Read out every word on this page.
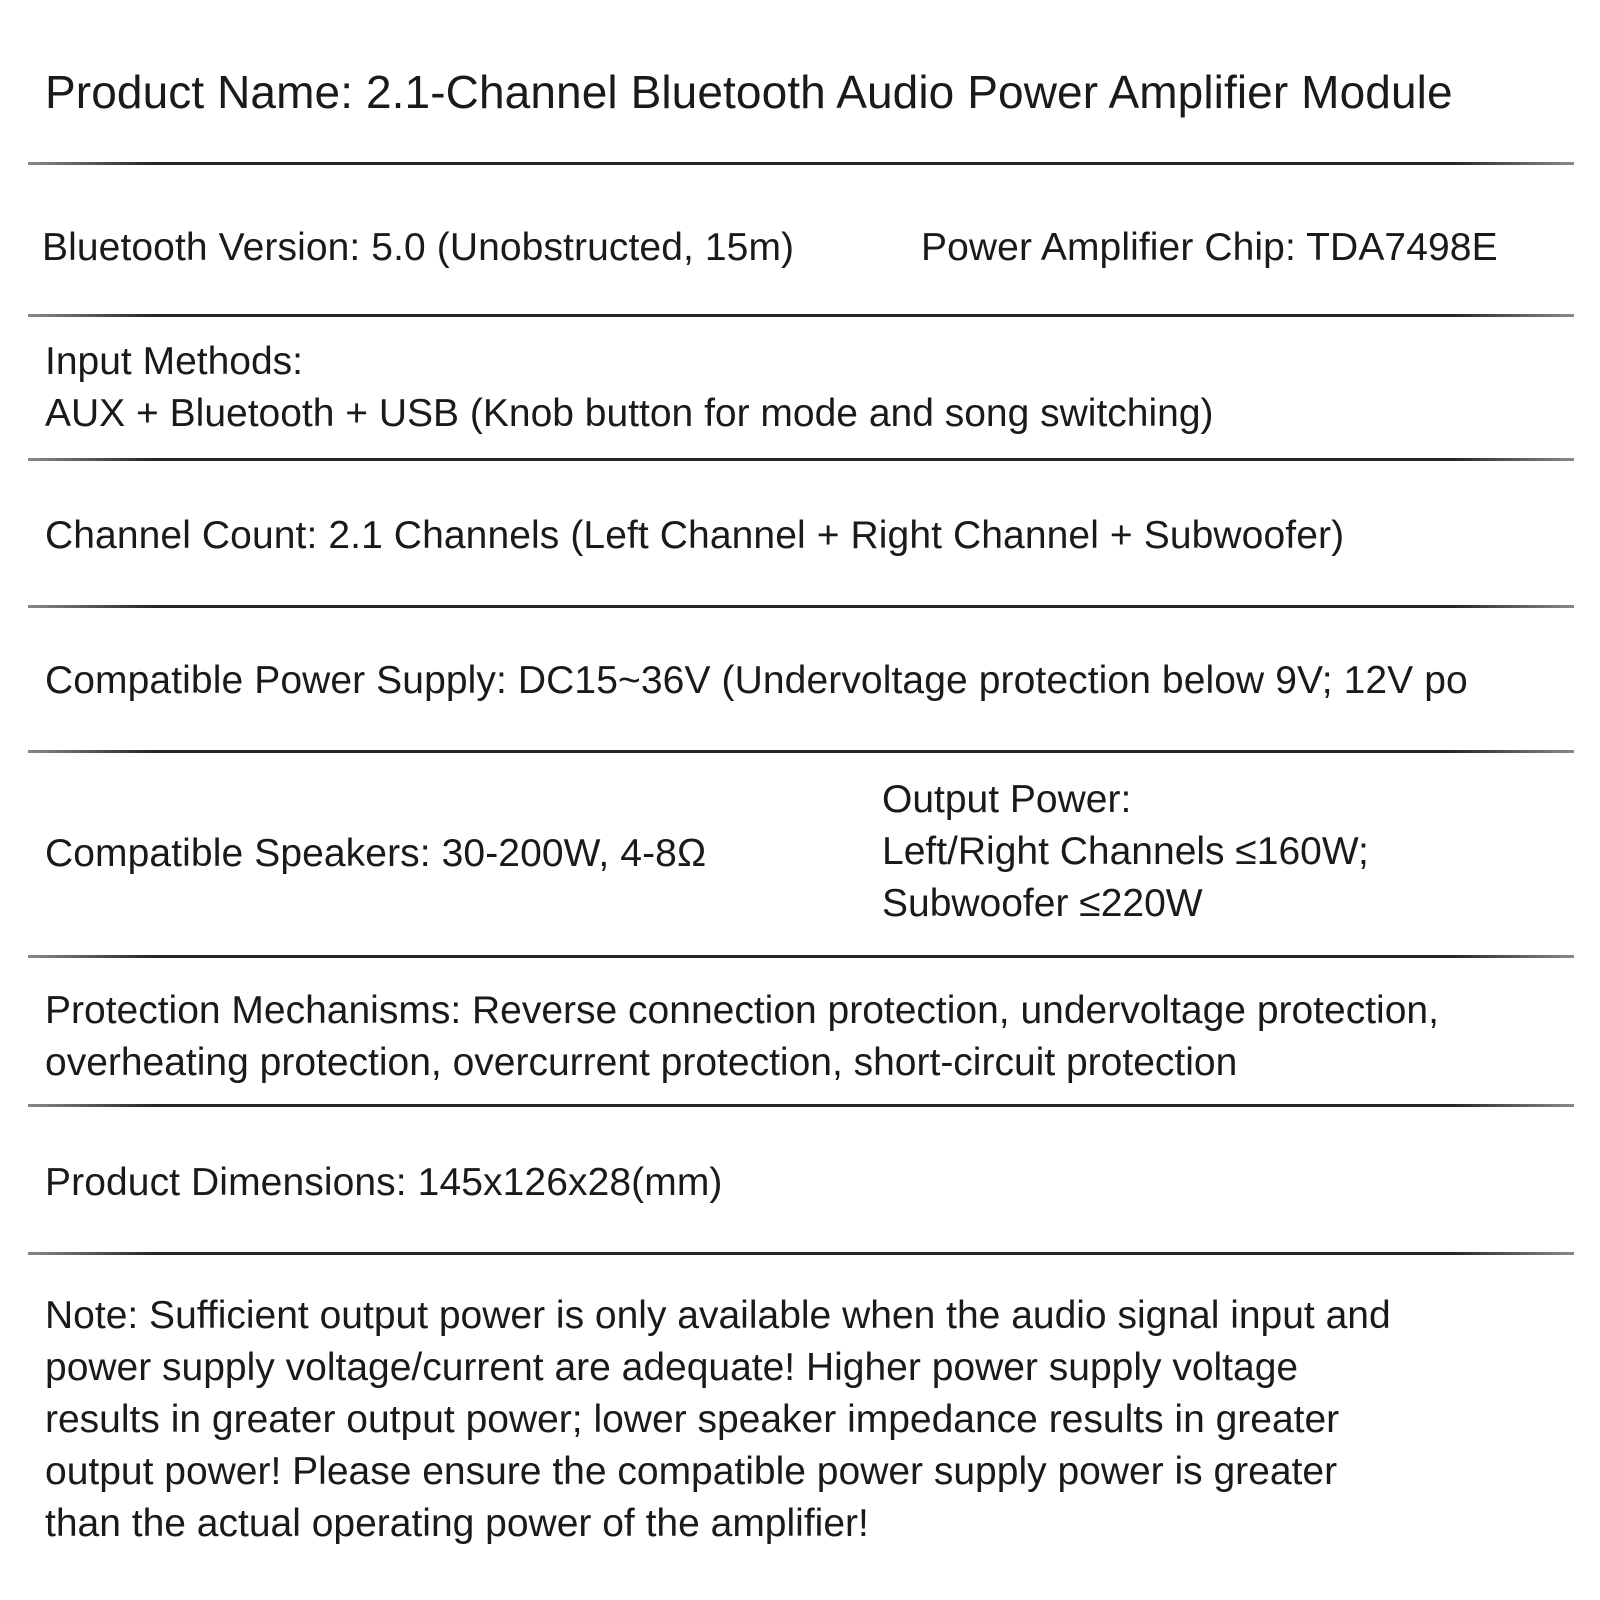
Product Name: 2.1-Channel Bluetooth Audio Power Amplifier Module
Bluetooth Version: 5.0 (Unobstructed, 15m)	Power Amplifier Chip: TDA7498E
Input Methods:
AUX + Bluetooth + USB (Knob button for mode and song switching)
Channel Count: 2.1 Channels (Left Channel + Right Channel + Subwoofer)
Compatible Power Supply: DC15~36V (Undervoltage protection below 9V; 12V po
Compatible Speakers: 30-200W, 4-8Ω
Output Power:
Left/Right Channels ≤160W;
Subwoofer ≤220W
Protection Mechanisms: Reverse connection protection, undervoltage protection,
overheating protection, overcurrent protection, short-circuit protection
Product Dimensions: 145x126x28(mm)
Note: Sufficient output power is only available when the audio signal input and
power supply voltage/current are adequate! Higher power supply voltage
results in greater output power; lower speaker impedance results in greater
output power! Please ensure the compatible power supply power is greater
than the actual operating power of the amplifier!
